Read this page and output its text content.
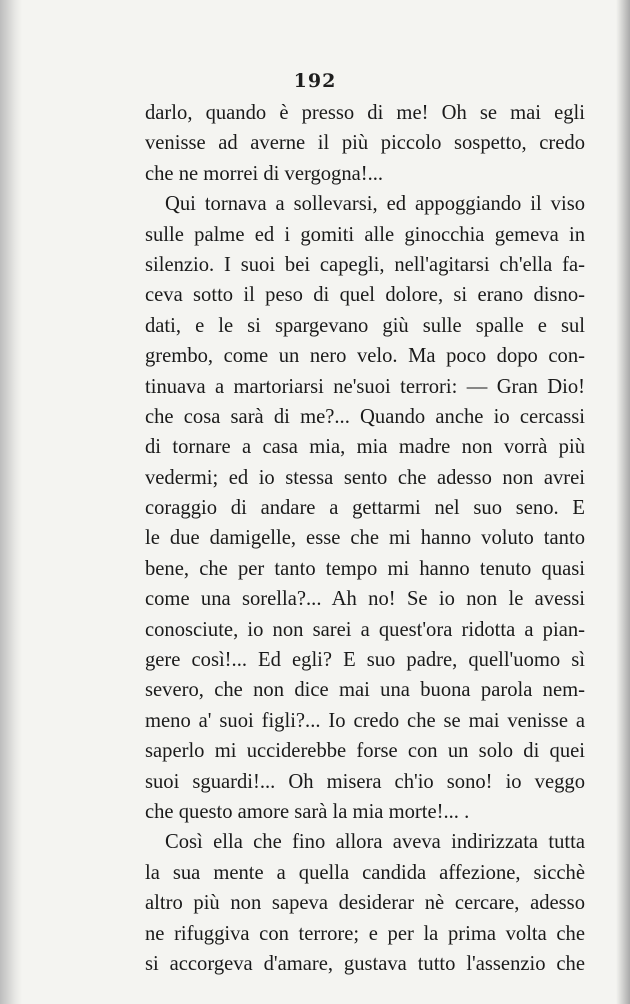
192
darlo, quando è presso di me! Oh se mai egli
venisse ad averne il più piccolo sospetto, credo
che ne morrei di vergogna!...
Qui tornava a sollevarsi, ed appoggiando il viso
sulle palme ed i gomiti alle ginocchia gemeva in
silenzio. I suoi bei capegli, nell'agitarsi ch'ella fa-
ceva sotto il peso di quel dolore, si erano disno-
dati, e le si spargevano giù sulle spalle e sul
grembo, come un nero velo. Ma poco dopo con-
tinuava a martoriarsi ne'suoi terrori: — Gran Dio!
che cosa sarà di me?... Quando anche io cercassi
di tornare a casa mia, mia madre non vorrà più
vedermi; ed io stessa sento che adesso non avrei
coraggio di andare a gettarmi nel suo seno. E
le due damigelle, esse che mi hanno voluto tanto
bene, che per tanto tempo mi hanno tenuto quasi
come una sorella?... Ah no! Se io non le avessi
conosciute, io non sarei a quest'ora ridotta a pian-
gere così!... Ed egli? E suo padre, quell'uomo sì
severo, che non dice mai una buona parola nem-
meno a' suoi figli?... Io credo che se mai venisse a
saperlo mi ucciderebbe forse con un solo di quei
suoi sguardi!... Oh misera ch'io sono! io veggo
che questo amore sarà la mia morte!... .
Così ella che fino allora aveva indirizzata tutta
la sua mente a quella candida affezione, sicchè
altro più non sapeva desiderar nè cercare, adesso
ne rifuggiva con terrore; e per la prima volta che
si accorgeva d'amare, gustava tutto l'assenzio che
